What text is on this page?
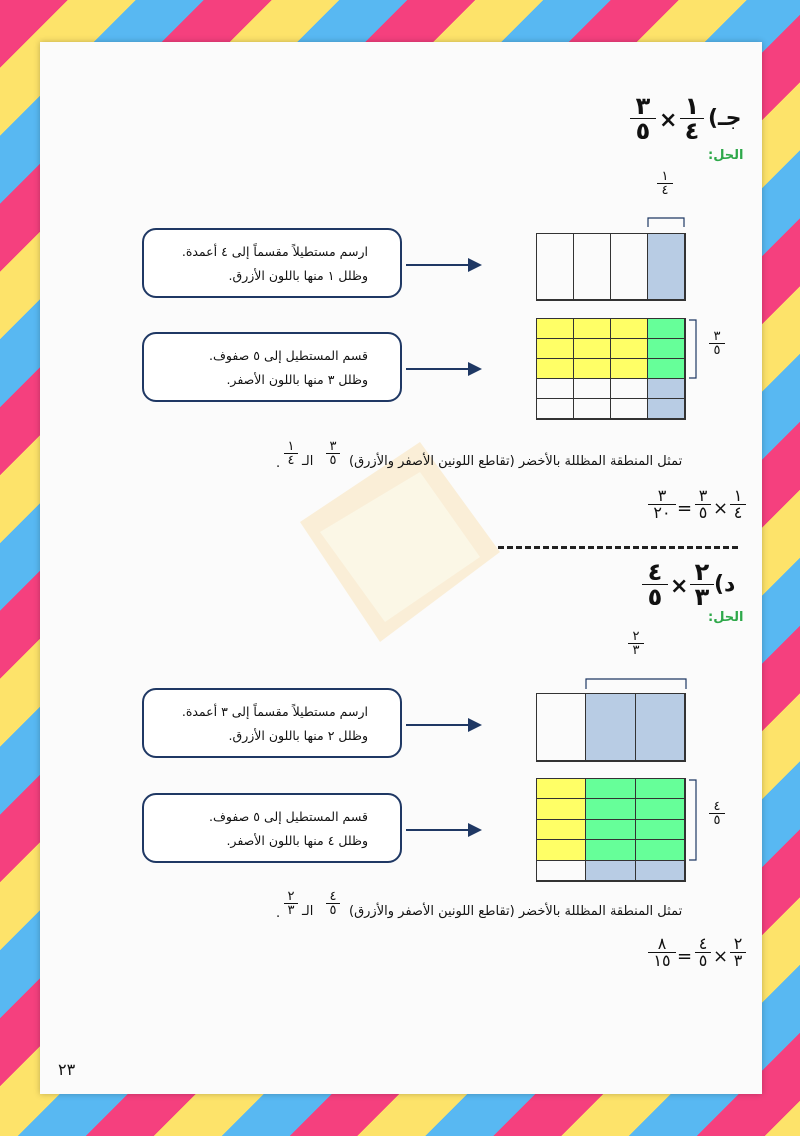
جـ)
٣
٥ ×
١
٤
الحل:
١
٤
ارسم مستطيلاً مقسماً إلى ٤ أعمدة.
وظلل ١ منها باللون الأزرق.
قسم المستطيل إلى ٥ صفوف.
وظلل ٣ منها باللون الأصفر.
٣
٥
تمثل المنطقة المظللة بالأخضر (تقاطع اللونين الأصفر والأزرق)
٣
٥
الـ
١
٤
.
٣
٢٠ =
٣
٥ ×
١
٤
د)
٤
٥ ×
٢
٣
الحل:
٢
٣
ارسم مستطيلاً مقسماً إلى ٣ أعمدة.
وظلل ٢ منها باللون الأزرق.
قسم المستطيل إلى ٥ صفوف.
وظلل ٤ منها باللون الأصفر.
٤
٥
تمثل المنطقة المظللة بالأخضر (تقاطع اللونين الأصفر والأزرق)
٤
٥
الـ
٢
٣
.
٨
١٥ =
٤
٥ ×
٢
٣
٢٣
